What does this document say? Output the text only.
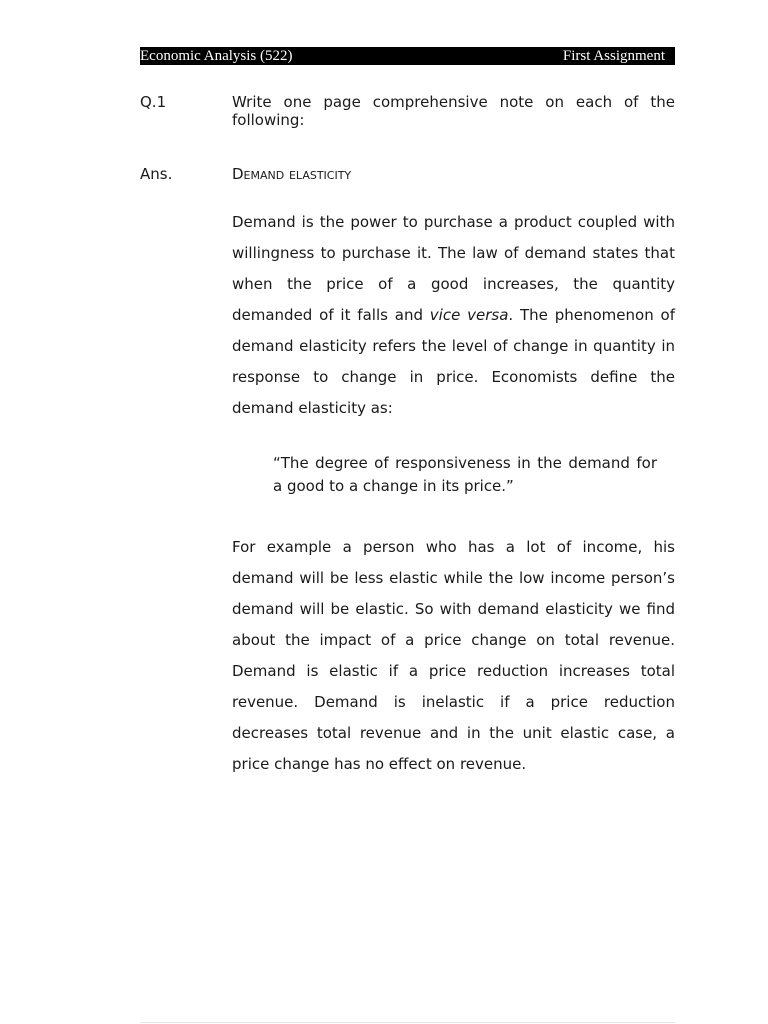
Economic Analysis (522)	First Assignment
Q.1	Write one page comprehensive note on each of the following:
Ans.	Demand elasticity

Demand is the power to purchase a product coupled with willingness to purchase it. The law of demand states that when the price of a good increases, the quantity demanded of it falls and vice versa. The phenomenon of demand elasticity refers the level of change in quantity in response to change in price. Economists define the demand elasticity as:

“The degree of responsiveness in the demand for a good to a change in its price.”

For example a person who has a lot of income, his demand will be less elastic while the low income person’s demand will be elastic. So with demand elasticity we find about the impact of a price change on total revenue. Demand is elastic if a price reduction increases total revenue. Demand is inelastic if a price reduction decreases total revenue and in the unit elastic case, a price change has no effect on revenue.
